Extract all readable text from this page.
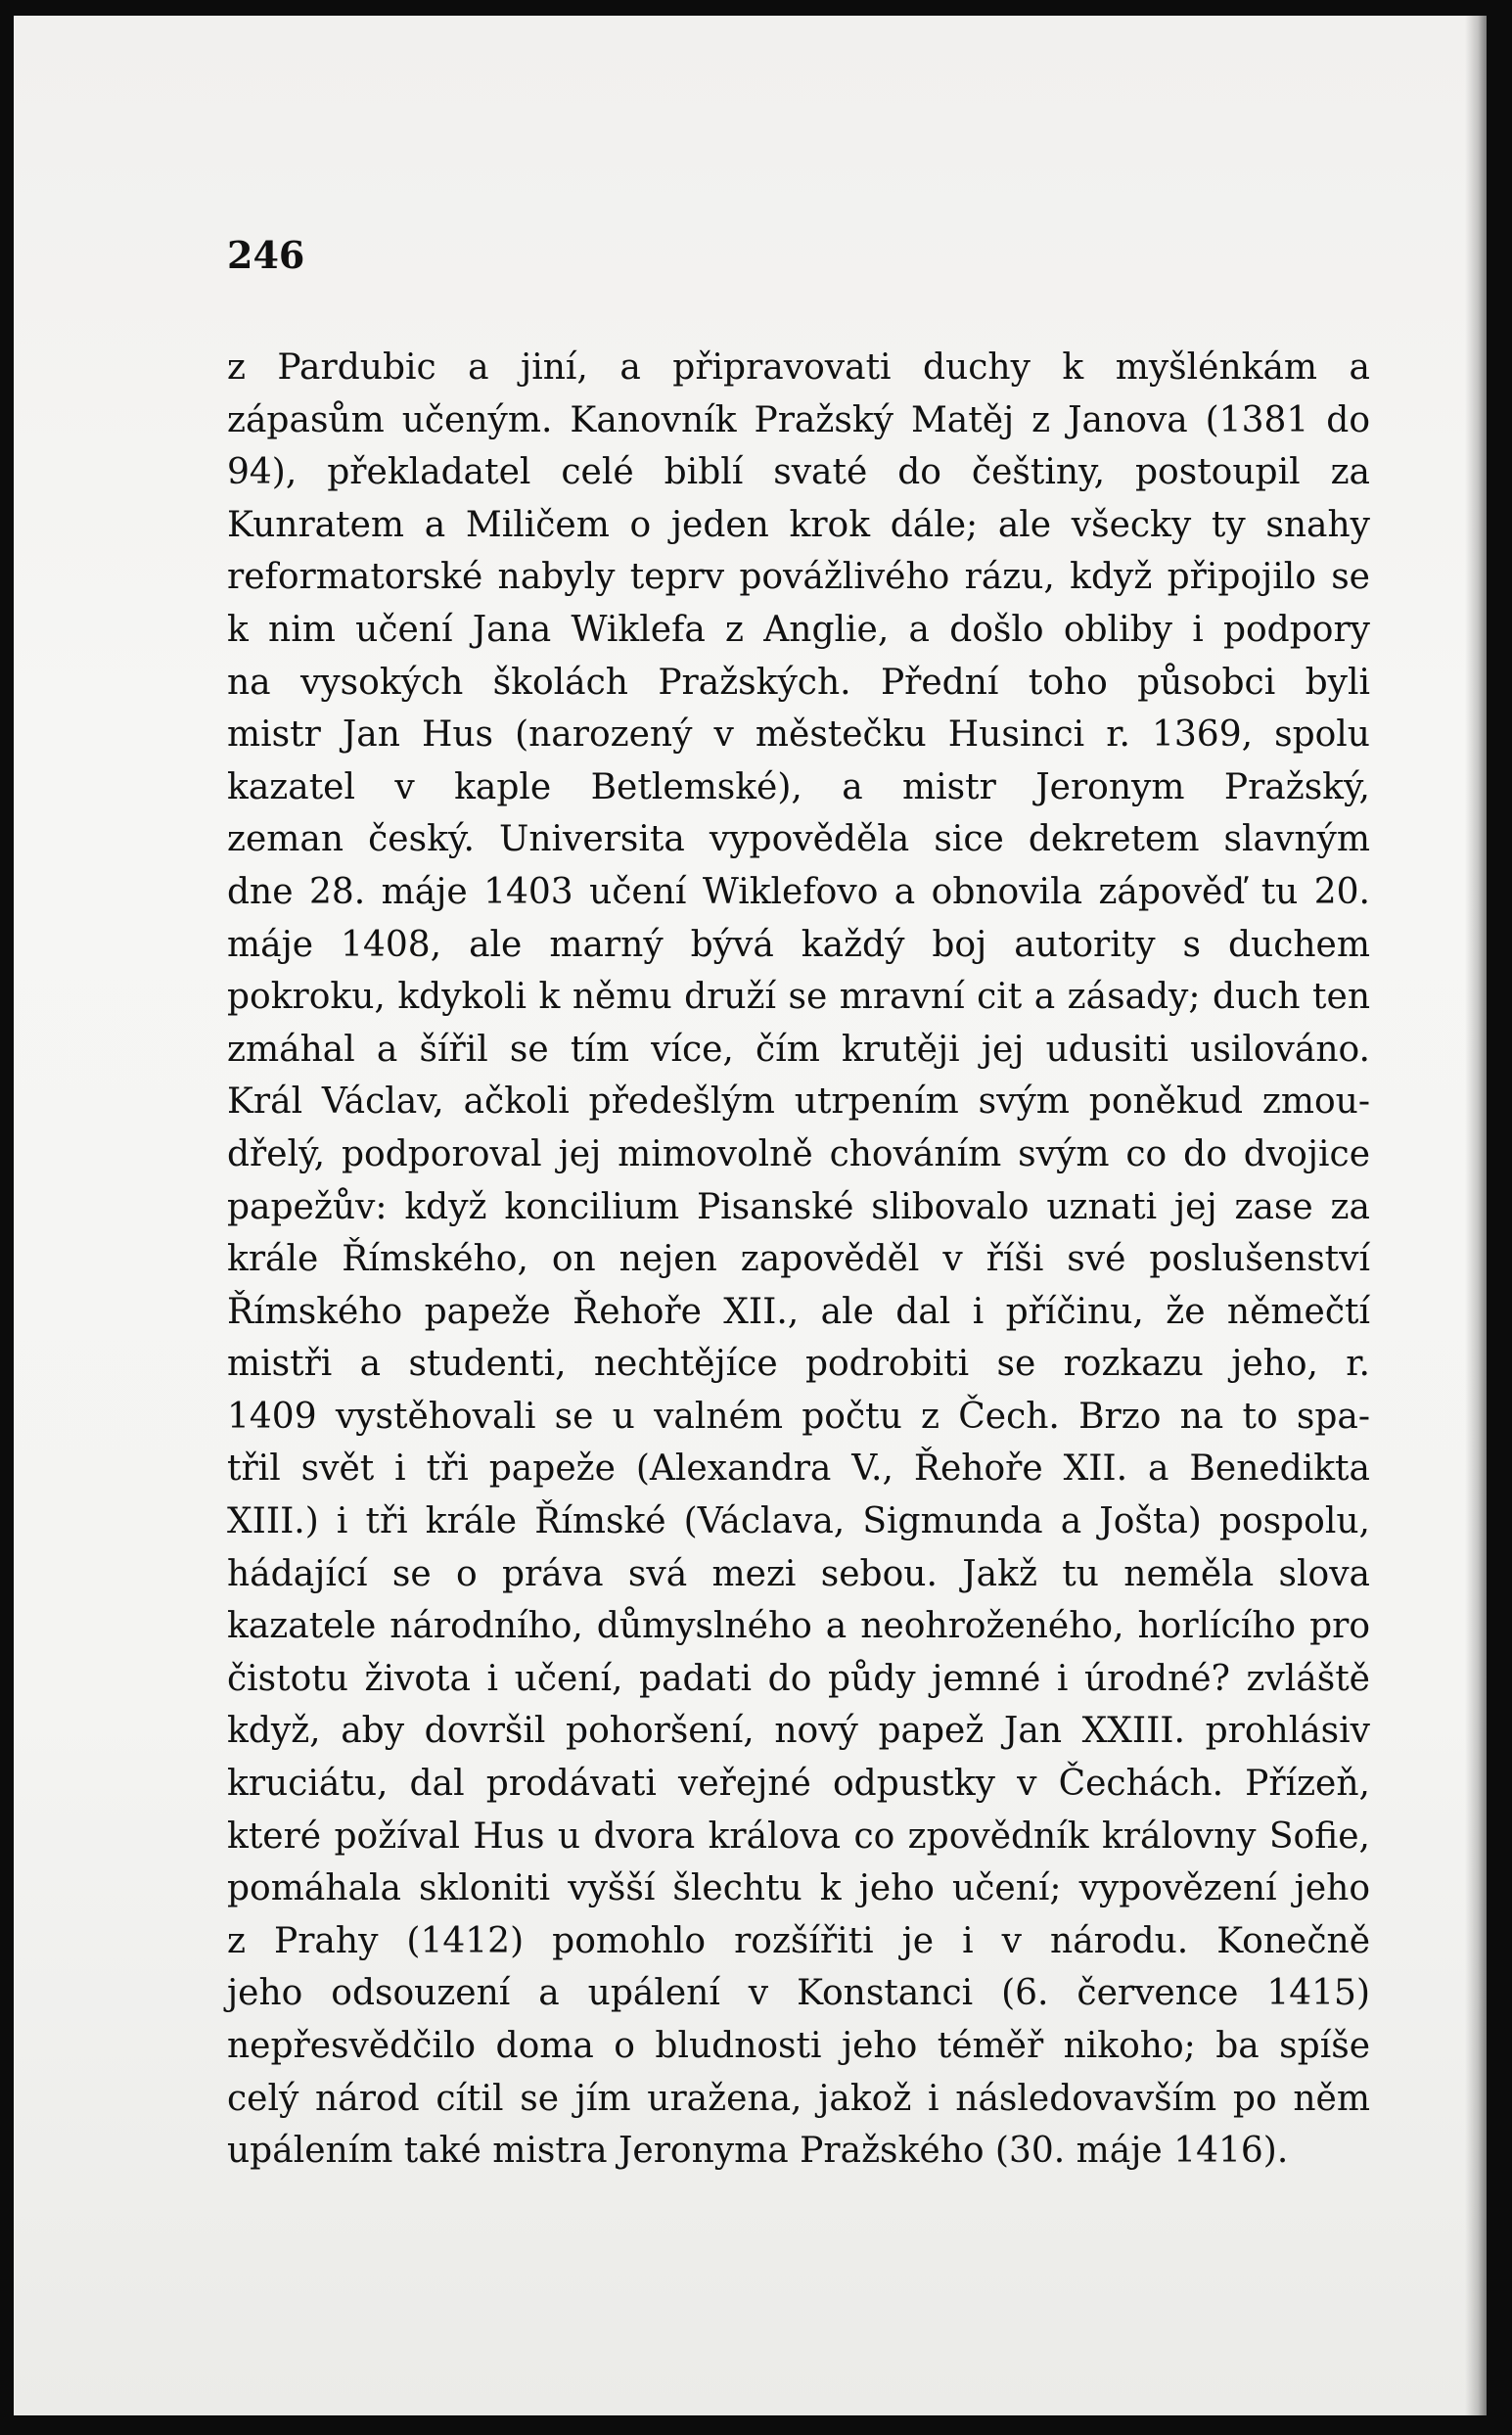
246
z Pardubic a jiní, a připravovati duchy k myšlénkám a
zápasům učeným. Kanovník Pražský Matěj z Janova (1381 do
94), překladatel celé biblí svaté do češtiny, postoupil za
Kunratem a Miličem o jeden krok dále; ale všecky ty snahy
reformatorské nabyly teprv povážlivého rázu, když připojilo se
k nim učení Jana Wiklefa z Anglie, a došlo obliby i podpory
na vysokých školách Pražských. Přední toho působci byli
mistr Jan Hus (narozený v městečku Husinci r. 1369, spolu
kazatel v kaple Betlemské), a mistr Jeronym Pražský,
zeman český. Universita vypověděla sice dekretem slavným
dne 28. máje 1403 učení Wiklefovo a obnovila zápověď tu 20.
máje 1408, ale marný bývá každý boj autority s duchem
pokroku, kdykoli k němu druží se mravní cit a zásady; duch ten
zmáhal a šířil se tím více, čím krutěji jej udusiti usilováno.
Král Václav, ačkoli předešlým utrpením svým poněkud zmou-
dřelý, podporoval jej mimovolně chováním svým co do dvojice
papežův: když koncilium Pisanské slibovalo uznati jej zase za
krále Římského, on nejen zapověděl v říši své poslušenství
Římského papeže Řehoře XII., ale dal i příčinu, že němečtí
mistři a studenti, nechtějíce podrobiti se rozkazu jeho, r.
1409 vystěhovali se u valném počtu z Čech. Brzo na to spa-
třil svět i tři papeže (Alexandra V., Řehoře XII. a Benedikta
XIII.) i tři krále Římské (Václava, Sigmunda a Jošta) pospolu,
hádající se o práva svá mezi sebou. Jakž tu neměla slova
kazatele národního, důmyslného a neohroženého, horlícího pro
čistotu života i učení, padati do půdy jemné i úrodné? zvláště
když, aby dovršil pohoršení, nový papež Jan XXIII. prohlásiv
kruciátu, dal prodávati veřejné odpustky v Čechách. Přízeň,
které požíval Hus u dvora králova co zpovědník královny Sofie,
pomáhala skloniti vyšší šlechtu k jeho učení; vypovězení jeho
z Prahy (1412) pomohlo rozšířiti je i v národu. Konečně
jeho odsouzení a upálení v Konstanci (6. července 1415)
nepřesvědčilo doma o bludnosti jeho téměř nikoho; ba spíše
celý národ cítil se jím uražena, jakož i následovavším po něm
upálením také mistra Jeronyma Pražského (30. máje 1416).
